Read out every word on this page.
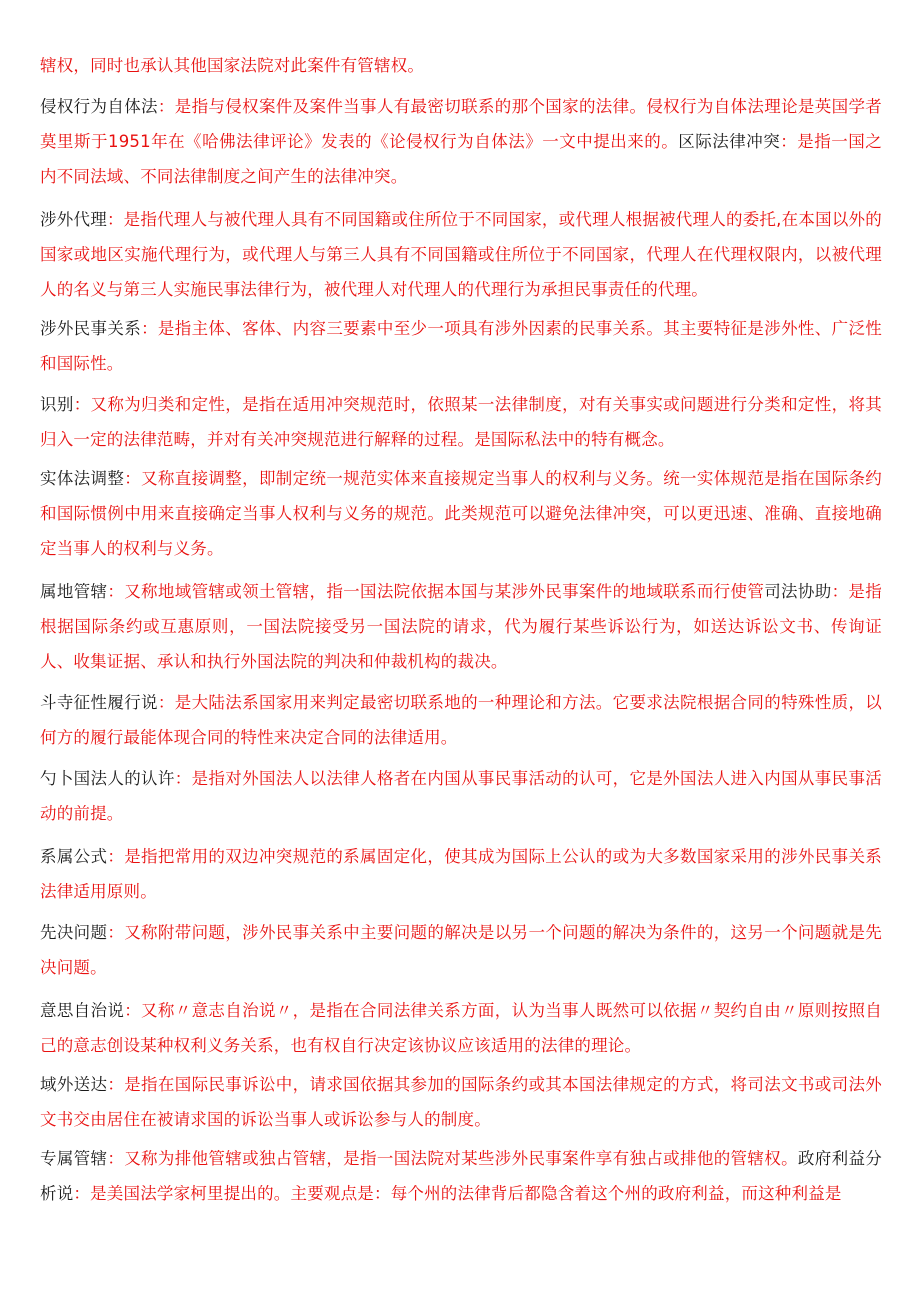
辖权，同时也承认其他国家法院对此案件有管辖权。

侵权行为自体法：是指与侵权案件及案件当事人有最密切联系的那个国家的法律。侵权行为自体法理论是英国学者莫里斯于1951年在《哈佛法律评论》发表的《论侵权行为自体法》一文中提出来的。区际法律冲突：是指一国之内不同法域、不同法律制度之间产生的法律冲突。

涉外代理：是指代理人与被代理人具有不同国籍或住所位于不同国家，或代理人根据被代理人的委托,在本国以外的国家或地区实施代理行为，或代理人与第三人具有不同国籍或住所位于不同国家，代理人在代理权限内，以被代理人的名义与第三人实施民事法律行为，被代理人对代理人的代理行为承担民事责任的代理。

涉外民事关系：是指主体、客体、内容三要素中至少一项具有涉外因素的民事关系。其主要特征是涉外性、广泛性和国际性。

识别：又称为归类和定性，是指在适用冲突规范时，依照某一法律制度，对有关事实或问题进行分类和定性，将其归入一定的法律范畴，并对有关冲突规范进行解释的过程。是国际私法中的特有概念。

实体法调整：又称直接调整，即制定统一规范实体来直接规定当事人的权利与义务。统一实体规范是指在国际条约和国际惯例中用来直接确定当事人权利与义务的规范。此类规范可以避免法律冲突，可以更迅速、准确、直接地确定当事人的权利与义务。

属地管辖：又称地域管辖或领土管辖，指一国法院依据本国与某涉外民事案件的地域联系而行使管司法协助：是指根据国际条约或互惠原则，一国法院接受另一国法院的请求，代为履行某些诉讼行为，如送达诉讼文书、传询证人、收集证据、承认和执行外国法院的判决和仲裁机构的裁决。

斗寺征性履行说：是大陆法系国家用来判定最密切联系地的一种理论和方法。它要求法院根据合同的特殊性质，以何方的履行最能体现合同的特性来决定合同的法律适用。

勺卜国法人的认许：是指对外国法人以法律人格者在内国从事民事活动的认可，它是外国法人进入内国从事民事活动的前提。

系属公式：是指把常用的双边冲突规范的系属固定化，使其成为国际上公认的或为大多数国家采用的涉外民事关系法律适用原则。

先决问题：又称附带问题，涉外民事关系中主要问题的解决是以另一个问题的解决为条件的，这另一个问题就是先决问题。

意思自治说：又称〃意志自治说〃，是指在合同法律关系方面，认为当事人既然可以依据〃契约自由〃原则按照自己的意志创设某种权利义务关系，也有权自行决定该协议应该适用的法律的理论。

域外送达：是指在国际民事诉讼中，请求国依据其参加的国际条约或其本国法律规定的方式，将司法文书或司法外文书交由居住在被请求国的诉讼当事人或诉讼参与人的制度。

专属管辖：又称为排他管辖或独占管辖，是指一国法院对某些涉外民事案件享有独占或排他的管辖权。政府利益分析说：是美国法学家柯里提出的。主要观点是：每个州的法律背后都隐含着这个州的政府利益，而这种利益是
